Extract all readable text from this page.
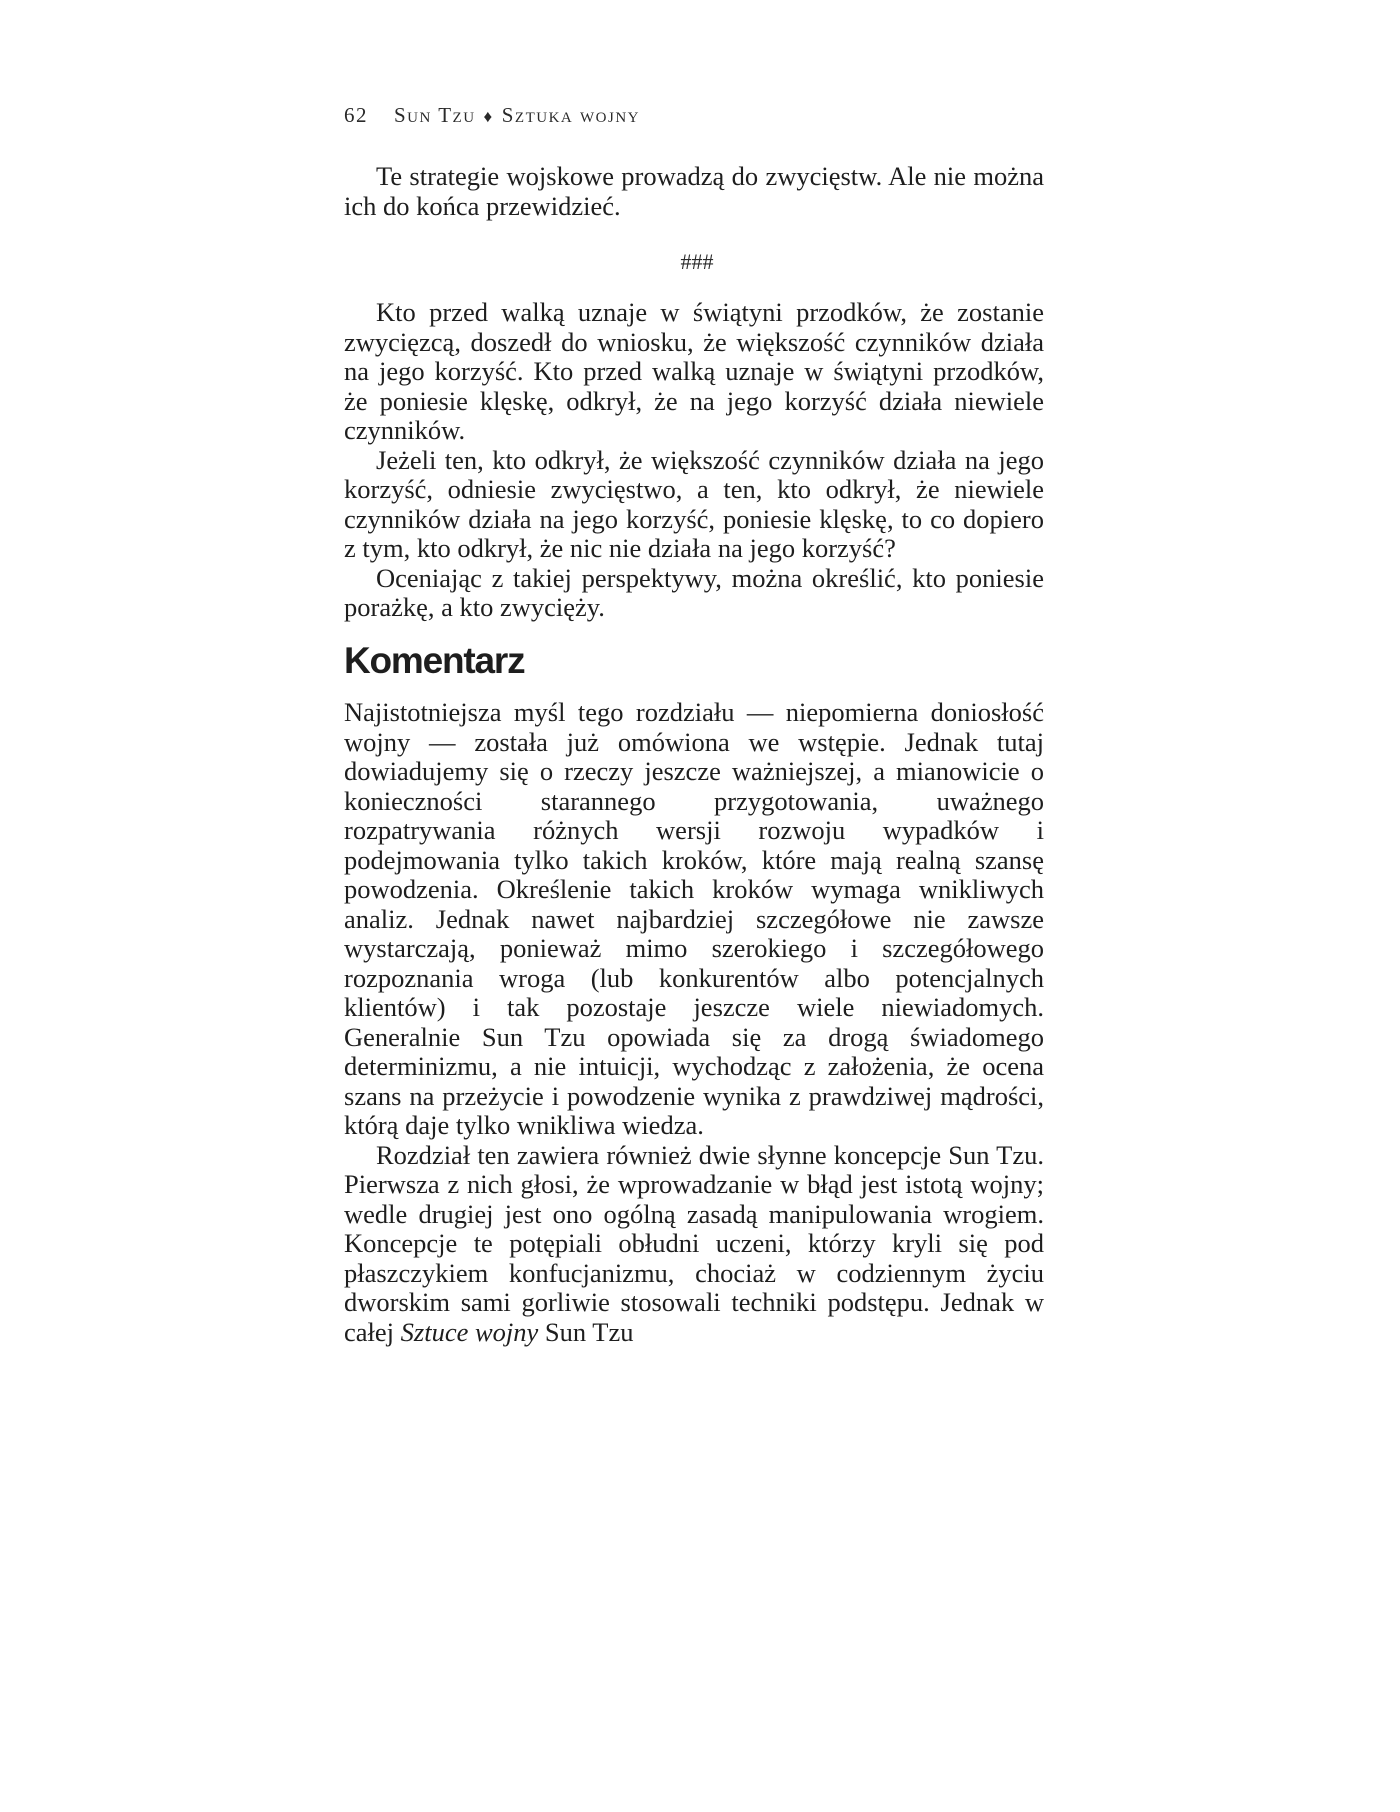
62 Sun Tzu ♦ Sztuka wojny

Te strategie wojskowe prowadzą do zwycięstw. Ale nie można ich do końca przewidzieć.

###

Kto przed walką uznaje w świątyni przodków, że zostanie zwycięzcą, doszedł do wniosku, że większość czynników działa na jego korzyść. Kto przed walką uznaje w świątyni przodków, że poniesie klęskę, odkrył, że na jego korzyść działa niewiele czynników.

Jeżeli ten, kto odkrył, że większość czynników działa na jego korzyść, odniesie zwycięstwo, a ten, kto odkrył, że niewiele czynników działa na jego korzyść, poniesie klęskę, to co dopiero z tym, kto odkrył, że nic nie działa na jego korzyść?

Oceniając z takiej perspektywy, można określić, kto poniesie porażkę, a kto zwycięży.

Komentarz

Najistotniejsza myśl tego rozdziału — niepomierna doniosłość wojny — została już omówiona we wstępie. Jednak tutaj dowiadujemy się o rzeczy jeszcze ważniejszej, a mianowicie o konieczności starannego przygotowania, uważnego rozpatrywania różnych wersji rozwoju wypadków i podejmowania tylko takich kroków, które mają realną szansę powodzenia. Określenie takich kroków wymaga wnikliwych analiz. Jednak nawet najbardziej szczegółowe nie zawsze wystarczają, ponieważ mimo szerokiego i szczegółowego rozpoznania wroga (lub konkurentów albo potencjalnych klientów) i tak pozostaje jeszcze wiele niewiadomych. Generalnie Sun Tzu opowiada się za drogą świadomego determinizmu, a nie intuicji, wychodząc z założenia, że ocena szans na przeżycie i powodzenie wynika z prawdziwej mądrości, którą daje tylko wnikliwa wiedza.

Rozdział ten zawiera również dwie słynne koncepcje Sun Tzu. Pierwsza z nich głosi, że wprowadzanie w błąd jest istotą wojny; wedle drugiej jest ono ogólną zasadą manipulowania wrogiem. Koncepcje te potępiali obłudni uczeni, którzy kryli się pod płaszczykiem konfucjanizmu, chociaż w codziennym życiu dworskim sami gorliwie stosowali techniki podstępu. Jednak w całej Sztuce wojny Sun Tzu
